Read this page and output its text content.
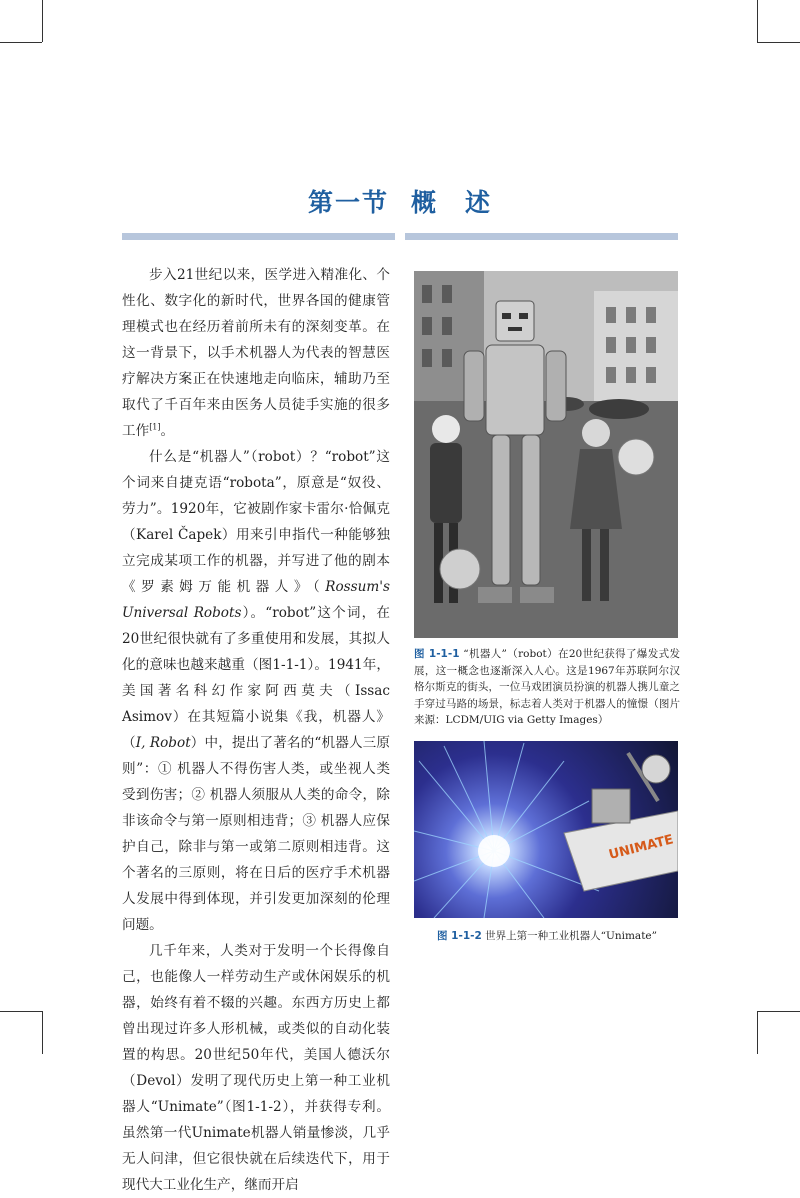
第一节 概　述

步入21世纪以来，医学进入精准化、个性化、数字化的新时代，世界各国的健康管理模式也在经历着前所未有的深刻变革。在这一背景下，以手术机器人为代表的智慧医疗解决方案正在快速地走向临床，辅助乃至取代了千百年来由医务人员徒手实施的很多工作[1]。

什么是“机器人”（robot）？“robot”这个词来自捷克语“robota”，原意是“奴役、劳力”。1920年，它被剧作家卡雷尔·恰佩克（Karel Čapek）用来引申指代一种能够独立完成某项工作的机器，并写进了他的剧本《罗素姆万能机器人》（Rossum's Universal Robots）。“robot”这个词，在20世纪很快就有了多重使用和发展，其拟人化的意味也越来越重（图1-1-1）。1941年，美国著名科幻作家阿西莫夫（Issac Asimov）在其短篇小说集《我，机器人》（I, Robot）中，提出了著名的“机器人三原则”：① 机器人不得伤害人类，或坐视人类受到伤害；② 机器人须服从人类的命令，除非该命令与第一原则相违背；③ 机器人应保护自己，除非与第一或第二原则相违背。这个著名的三原则，将在日后的医疗手术机器人发展中得到体现，并引发更加深刻的伦理问题。

几千年来，人类对于发明一个长得像自己，也能像人一样劳动生产或休闲娱乐的机器，始终有着不辍的兴趣。东西方历史上都曾出现过许多人形机械，或类似的自动化装置的构思。20世纪50年代，美国人德沃尔（Devol）发明了现代历史上第一种工业机器人“Unimate”（图1-1-2），并获得专利。虽然第一代Unimate机器人销量惨淡，几乎无人问津，但它很快就在后续迭代下，用于现代大工业化生产，继而开启

图 1-1-1 “机器人”（robot）在20世纪获得了爆发式发展，这一概念也逐渐深入人心。这是1967年苏联阿尔汉格尔斯克的街头，一位马戏团演员扮演的机器人携儿童之手穿过马路的场景，标志着人类对于机器人的憧憬（图片来源：LCDM/UIG via Getty Images）
UNIMATE
图 1-1-2 世界上第一种工业机器人“Unimate”
